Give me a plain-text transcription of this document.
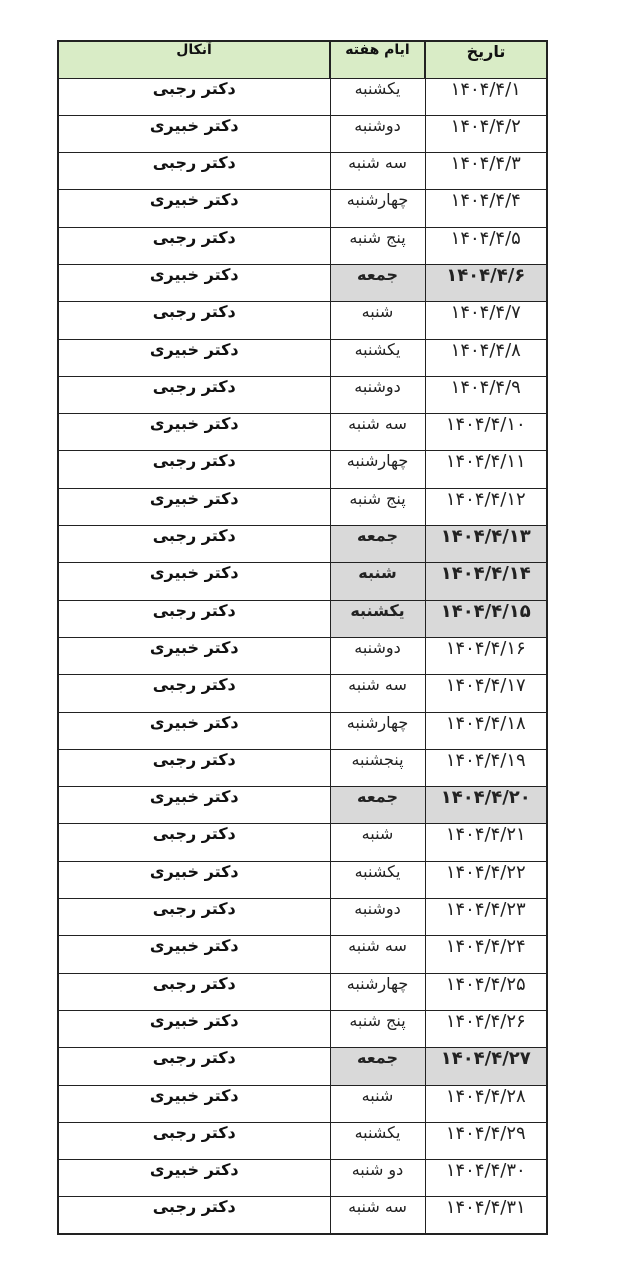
آنکال	ایام هفته	تاریخ
دکتر رجبی	یکشنبه	۱۴۰۴/۴/۱
دکتر خبیری	دوشنبه	۱۴۰۴/۴/۲
دکتر رجبی	سه شنبه	۱۴۰۴/۴/۳
دکتر خبیری	چهارشنبه	۱۴۰۴/۴/۴
دکتر رجبی	پنج شنبه	۱۴۰۴/۴/۵
دکتر خبیری	جمعه	۱۴۰۴/۴/۶
دکتر رجبی	شنبه	۱۴۰۴/۴/۷
دکتر خبیری	یکشنبه	۱۴۰۴/۴/۸
دکتر رجبی	دوشنبه	۱۴۰۴/۴/۹
دکتر خبیری	سه شنبه	۱۴۰۴/۴/۱۰
دکتر رجبی	چهارشنبه	۱۴۰۴/۴/۱۱
دکتر خبیری	پنج شنبه	۱۴۰۴/۴/۱۲
دکتر رجبی	جمعه	۱۴۰۴/۴/۱۳
دکتر خبیری	شنبه	۱۴۰۴/۴/۱۴
دکتر رجبی	یکشنبه	۱۴۰۴/۴/۱۵
دکتر خبیری	دوشنبه	۱۴۰۴/۴/۱۶
دکتر رجبی	سه شنبه	۱۴۰۴/۴/۱۷
دکتر خبیری	چهارشنبه	۱۴۰۴/۴/۱۸
دکتر رجبی	پنجشنبه	۱۴۰۴/۴/۱۹
دکتر خبیری	جمعه	۱۴۰۴/۴/۲۰
دکتر رجبی	شنبه	۱۴۰۴/۴/۲۱
دکتر خبیری	یکشنبه	۱۴۰۴/۴/۲۲
دکتر رجبی	دوشنبه	۱۴۰۴/۴/۲۳
دکتر خبیری	سه شنبه	۱۴۰۴/۴/۲۴
دکتر رجبی	چهارشنبه	۱۴۰۴/۴/۲۵
دکتر خبیری	پنج شنبه	۱۴۰۴/۴/۲۶
دکتر رجبی	جمعه	۱۴۰۴/۴/۲۷
دکتر خبیری	شنبه	۱۴۰۴/۴/۲۸
دکتر رجبی	یکشنبه	۱۴۰۴/۴/۲۹
دکتر خبیری	دو شنبه	۱۴۰۴/۴/۳۰
دکتر رجبی	سه شنبه	۱۴۰۴/۴/۳۱
